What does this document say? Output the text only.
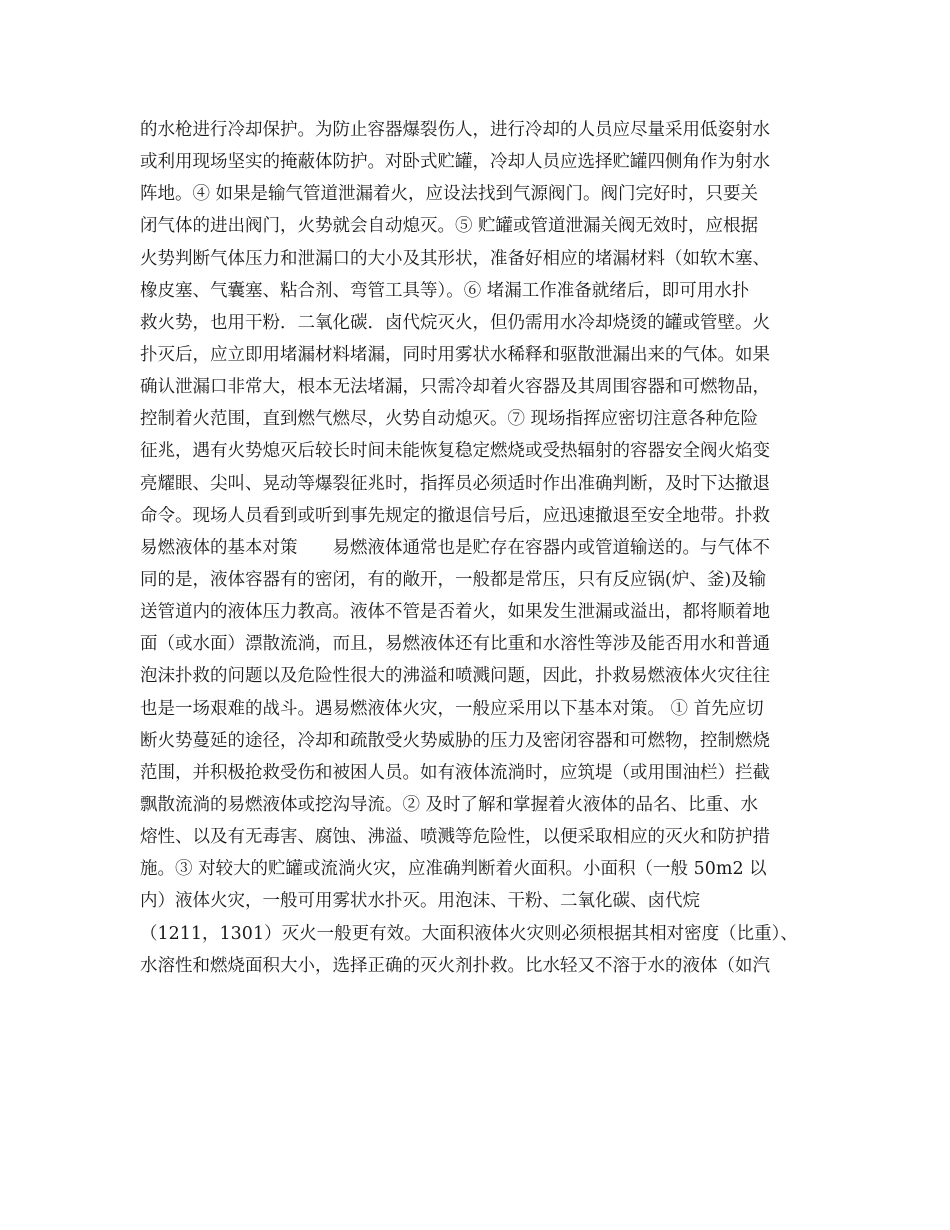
的水枪进行冷却保护。为防止容器爆裂伤人，进行冷却的人员应尽量采用低姿射水
或利用现场坚实的掩蔽体防护。对卧式贮罐，冷却人员应选择贮罐四侧角作为射水
阵地。④ 如果是输气管道泄漏着火，应设法找到气源阀门。阀门完好时，只要关
闭气体的进出阀门，火势就会自动熄灭。⑤ 贮罐或管道泄漏关阀无效时，应根据
火势判断气体压力和泄漏口的大小及其形状，准备好相应的堵漏材料（如软木塞、
橡皮塞、气囊塞、粘合剂、弯管工具等）。⑥ 堵漏工作准备就绪后，即可用水扑
救火势，也用干粉．二氧化碳．卤代烷灭火，但仍需用水冷却烧烫的罐或管壁。火
扑灭后，应立即用堵漏材料堵漏，同时用雾状水稀释和驱散泄漏出来的气体。如果
确认泄漏口非常大，根本无法堵漏，只需冷却着火容器及其周围容器和可燃物品，
控制着火范围，直到燃气燃尽，火势自动熄灭。⑦ 现场指挥应密切注意各种危险
征兆，遇有火势熄灭后较长时间未能恢复稳定燃烧或受热辐射的容器安全阀火焰变
亮耀眼、尖叫、晃动等爆裂征兆时，指挥员必须适时作出准确判断，及时下达撤退
命令。现场人员看到或听到事先规定的撤退信号后，应迅速撤退至安全地带。扑救
易燃液体的基本对策　　易燃液体通常也是贮存在容器内或管道输送的。与气体不
同的是，液体容器有的密闭，有的敞开，一般都是常压，只有反应锅(炉、釜)及输
送管道内的液体压力教高。液体不管是否着火，如果发生泄漏或溢出，都将顺着地
面（或水面）漂散流淌，而且，易燃液体还有比重和水溶性等涉及能否用水和普通
泡沫扑救的问题以及危险性很大的沸溢和喷溅问题，因此，扑救易燃液体火灾往往
也是一场艰难的战斗。遇易燃液体火灾，一般应采用以下基本对策。 ① 首先应切
断火势蔓延的途径，冷却和疏散受火势威胁的压力及密闭容器和可燃物，控制燃烧
范围，并积极抢救受伤和被困人员。如有液体流淌时，应筑堤（或用围油栏）拦截
飘散流淌的易燃液体或挖沟导流。② 及时了解和掌握着火液体的品名、比重、水
熔性、以及有无毒害、腐蚀、沸溢、喷溅等危险性，以便采取相应的灭火和防护措
施。③ 对较大的贮罐或流淌火灾，应准确判断着火面积。小面积（一般 50m2 以
内）液体火灾，一般可用雾状水扑灭。用泡沫、干粉、二氧化碳、卤代烷
（1211，1301）灭火一般更有效。大面积液体火灾则必须根据其相对密度（比重）、
水溶性和燃烧面积大小，选择正确的灭火剂扑救。比水轻又不溶于水的液体（如汽
